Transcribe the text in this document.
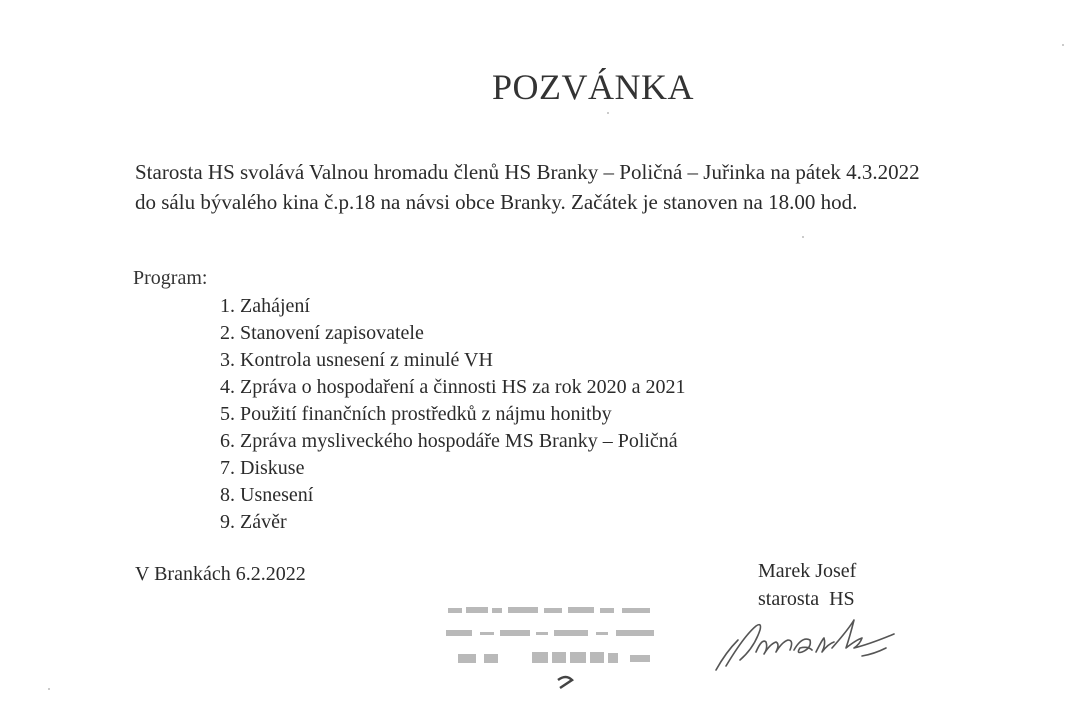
POZVÁNKA
Starosta HS svolává Valnou hromadu členů HS Branky – Poličná – Juřinka na pátek 4.3.2022
do sálu bývalého kina č.p.18 na návsi obce Branky. Začátek je stanoven na 18.00 hod.
Program:
1. Zahájení
2. Stanovení zapisovatele
3. Kontrola usnesení z minulé VH
4. Zpráva o hospodaření a činnosti HS za rok 2020 a 2021
5. Použití finančních prostředků z nájmu honitby
6. Zpráva mysliveckého hospodáře MS Branky – Poličná
7. Diskuse
8. Usnesení
9. Závěr
V Brankách 6.2.2022	Marek Josef
starosta  HS
